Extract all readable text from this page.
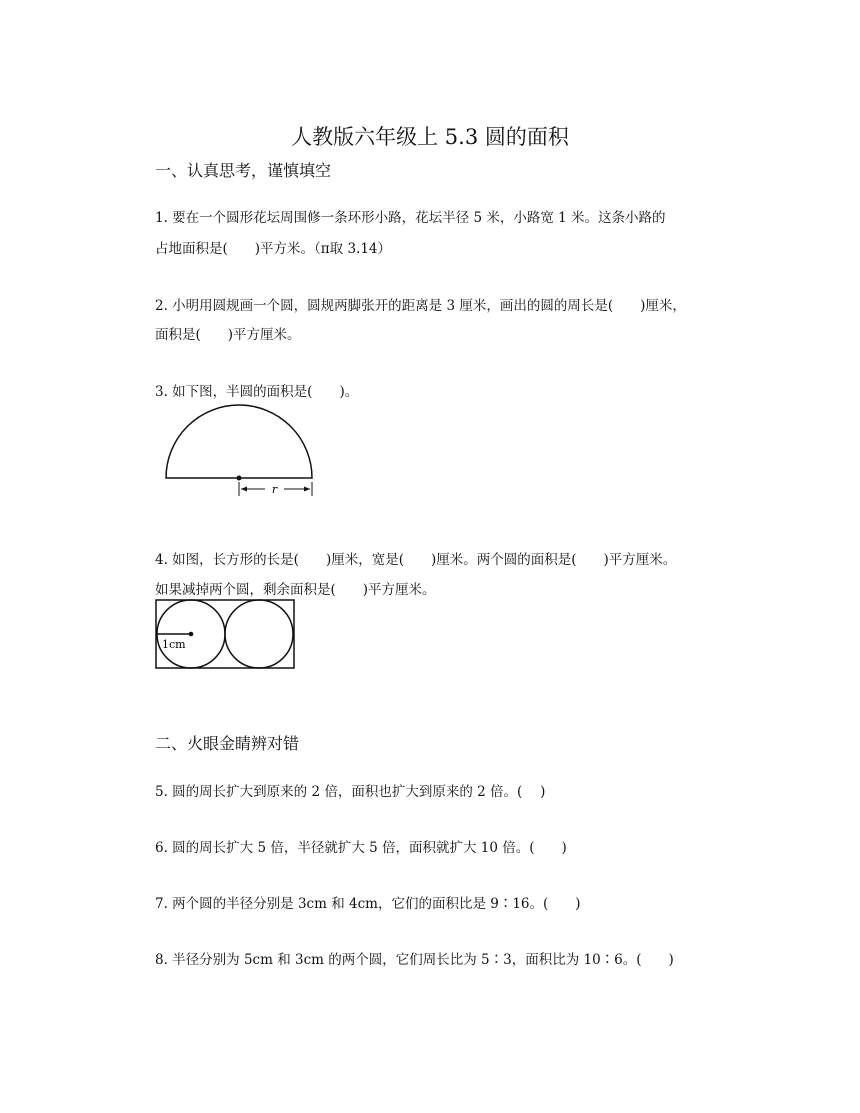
人教版六年级上 5.3 圆的面积
一、认真思考，谨慎填空
1. 要在一个圆形花坛周围修一条环形小路，花坛半径 5 米，小路宽 1 米。这条小路的
占地面积是(　　)平方米。（π取 3.14）
2. 小明用圆规画一个圆，圆规两脚张开的距离是 3 厘米，画出的圆的周长是(　　)厘米，
面积是(　　)平方厘米。
3. 如下图，半圆的面积是(　　)。
r
4. 如图，长方形的长是(　　)厘米，宽是(　　)厘米。两个圆的面积是(　　)平方厘米。
如果减掉两个圆，剩余面积是(　　)平方厘米。
1cm
二、火眼金睛辨对错
5. 圆的周长扩大到原来的 2 倍，面积也扩大到原来的 2 倍。(　 )
6. 圆的周长扩大 5 倍，半径就扩大 5 倍，面积就扩大 10 倍。(　　)
7. 两个圆的半径分别是 3cm 和 4cm，它们的面积比是 9∶16。(　　)
8. 半径分别为 5cm 和 3cm 的两个圆，它们周长比为 5∶3，面积比为 10∶6。(　　)
